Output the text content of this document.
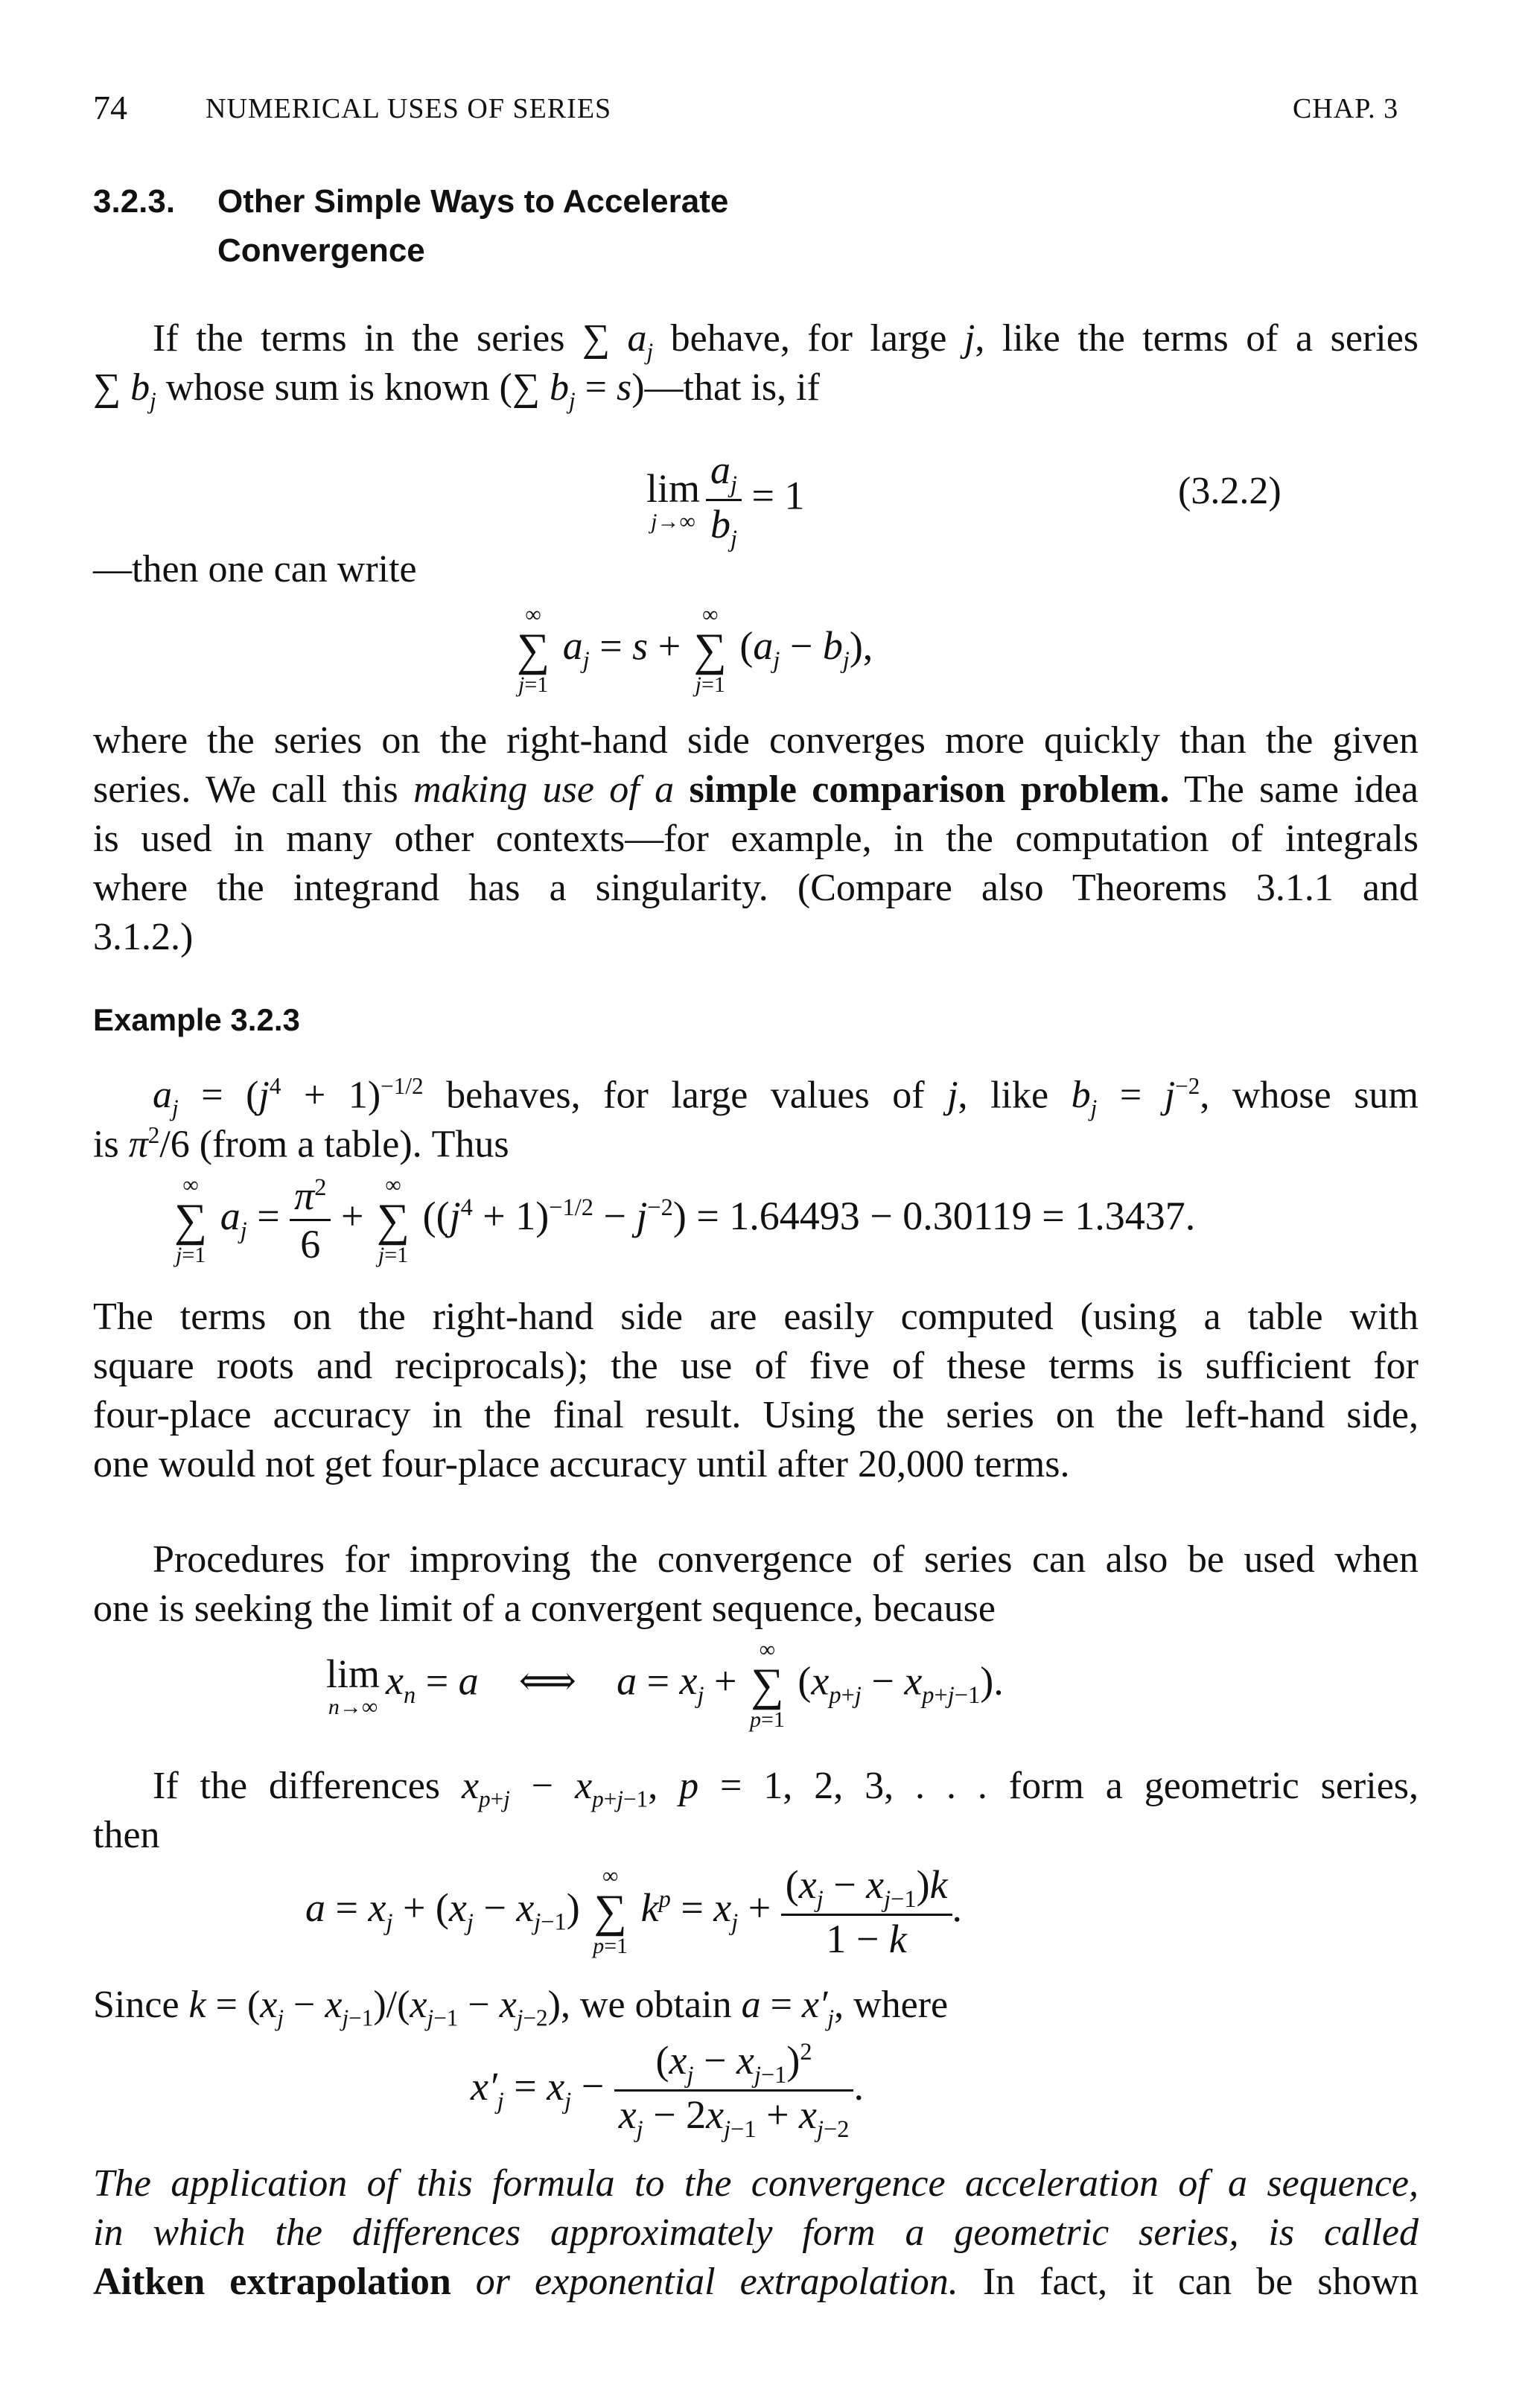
74	NUMERICAL USES OF SERIES	CHAP. 3
3.2.3. Other Simple Ways to Accelerate
Convergence
If the terms in the series ∑ $a_j$ behave, for large j, like the terms of a series
∑ $b_j$ whose sum is known (∑ $b_j$ = s)—that is, if
lim
$j\to\infty \frac{a_j}{b_j} = 1$	(3.2.2)
—then one can write
∞
∑
j=1
$a_j = s$ +
∞
∑
j=1
$(a_j - b_j)$,
where the series on the right-hand side converges more quickly than the given
series. We call this making use of a simple comparison problem. The same idea
is used in many other contexts—for example, in the computation of integrals
where the integrand has a singularity. (Compare also Theorems 3.1.1 and
3.1.2.)
Example 3.2.3
$a_j = (j^4 + 1)^{-1/2}$ behaves, for large values of j, like $b_j = j^{-2}$, whose sum
is $\pi^2/6$ (from a table). Thus
∞
∑
j=1
$a_j = \frac{\pi^2}{6}$ +
∞
∑
j=1
$((j^4 + 1)^{-1/2} - j^{-2}) = 1.64493 - 0.30119 = 1.3437$.
The terms on the right-hand side are easily computed (using a table with
square roots and reciprocals); the use of five of these terms is sufficient for
four-place accuracy in the final result. Using the series on the left-hand side,
one would not get four-place accuracy until after 20,000 terms.
Procedures for improving the convergence of series can also be used when
one is seeking the limit of a convergent sequence, because
lim
n→∞
$x_n = a$    ⟺    $a = x_j$ +
∞
∑
p=1
$(x_{p+j} - x_{p+j-1})$.
If the differences $x_{p+j} - x_{p+j-1}$, p = 1, 2, 3, . . . form a geometric series,
then
$a = x_j + (x_j - x_{j-1})$
∞
∑
p=1
$k^p = x_j + \frac{(x_j - x_{j-1})k}{1 - k}$ .
Since $k = (x_j - x_{j-1})/(x_{j-1} - x_{j-2})$, we obtain $a = x'_j$, where
$x'_j = x_j - \frac{(x_j - x_{j-1})^2}{x_j - 2x_{j-1} + x_{j-2}}$ .
The application of this formula to the convergence acceleration of a sequence,
in which the differences approximately form a geometric series, is called
Aitken extrapolation or exponential extrapolation. In fact, it can be shown
